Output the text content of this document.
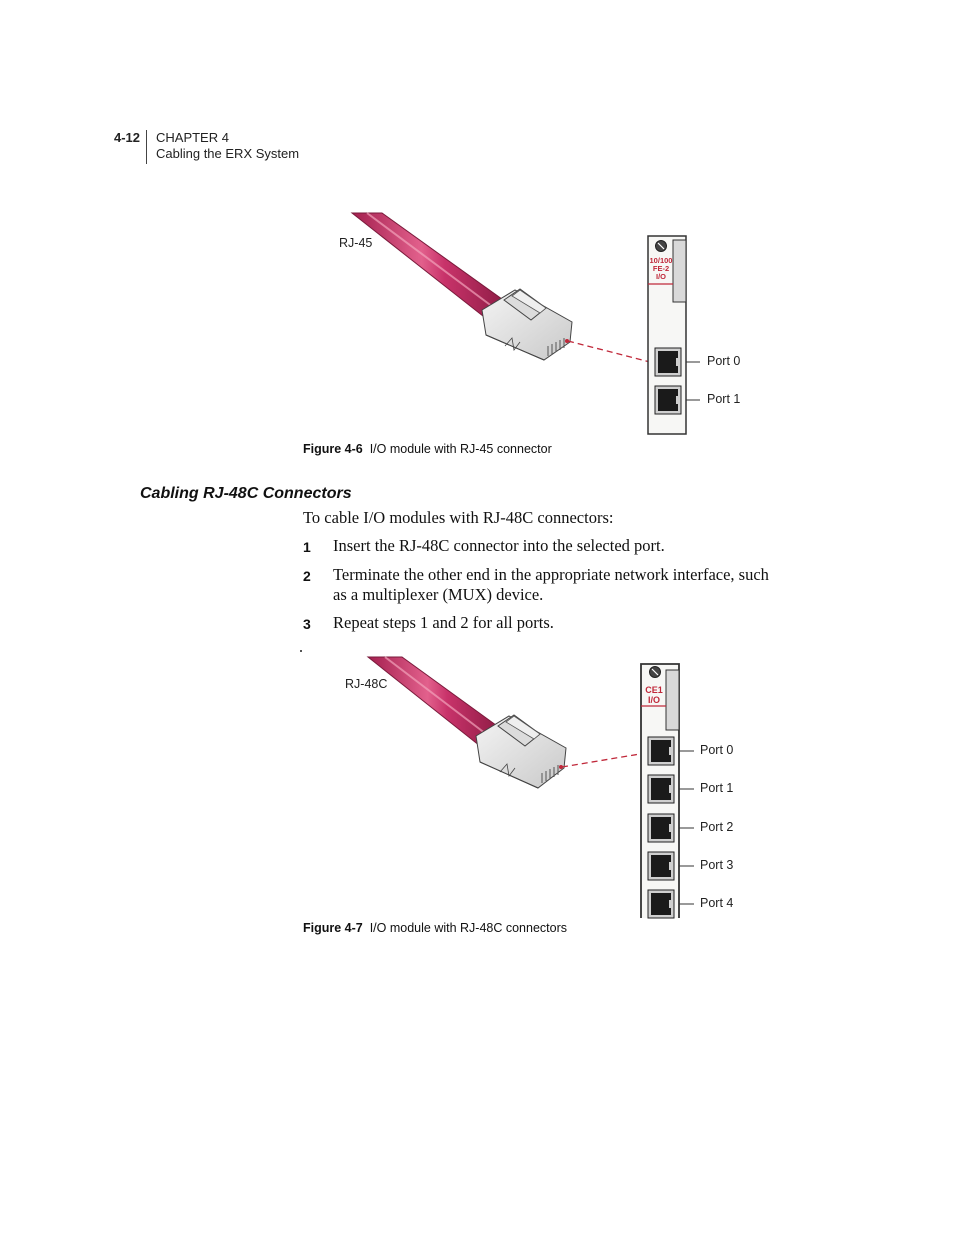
4-12 CHAPTER 4
Cabling the ERX System
RJ-45
10/100
FE-2
I/O
Port 0
Port 1
Figure 4-6 I/O module with RJ-45 connector
Cabling RJ-48C Connectors
To cable I/O modules with RJ-48C connectors:
1 Insert the RJ-48C connector into the selected port.
2 Terminate the other end in the appropriate network interface, such as a multiplexer (MUX) device.
3 Repeat steps 1 and 2 for all ports.
RJ-48C	CE1
I/O
Port 0
Port 1
Port 2
Port 3
Port 4
Figure 4-7 I/O module with RJ-48C connectors
